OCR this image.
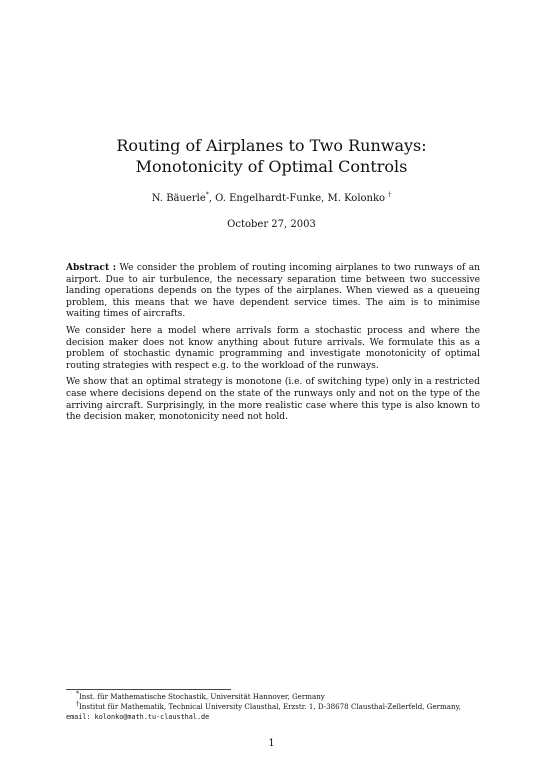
Routing of Airplanes to Two Runways:
Monotonicity of Optimal Controls
N. Bäuerle*, O. Engelhardt-Funke, M. Kolonko †
October 27, 2003

Abstract : We consider the problem of routing incoming airplanes to two runways of an airport. Due to air turbulence, the necessary separation time between two successive landing operations depends on the types of the airplanes. When viewed as a queueing problem, this means that we have dependent service times. The aim is to minimise waiting times of aircrafts.

We consider here a model where arrivals form a stochastic process and where the decision maker does not know anything about future arrivals. We formulate this as a problem of stochastic dynamic programming and investigate monotonicity of optimal routing strategies with respect e.g. to the workload of the runways.

We show that an optimal strategy is monotone (i.e. of switching type) only in a restricted case where decisions depend on the state of the runways only and not on the type of the arriving aircraft. Surprisingly, in the more realistic case where this type is also known to the decision maker, monotonicity need not hold.

*Inst. für Mathematische Stochastik, Universität Hannover, Germany
†Institut für Mathematik, Technical University Clausthal, Erzstr. 1, D-38678 Clausthal-Zellerfeld, Germany,
email: kolonko@math.tu-clausthal.de
1
